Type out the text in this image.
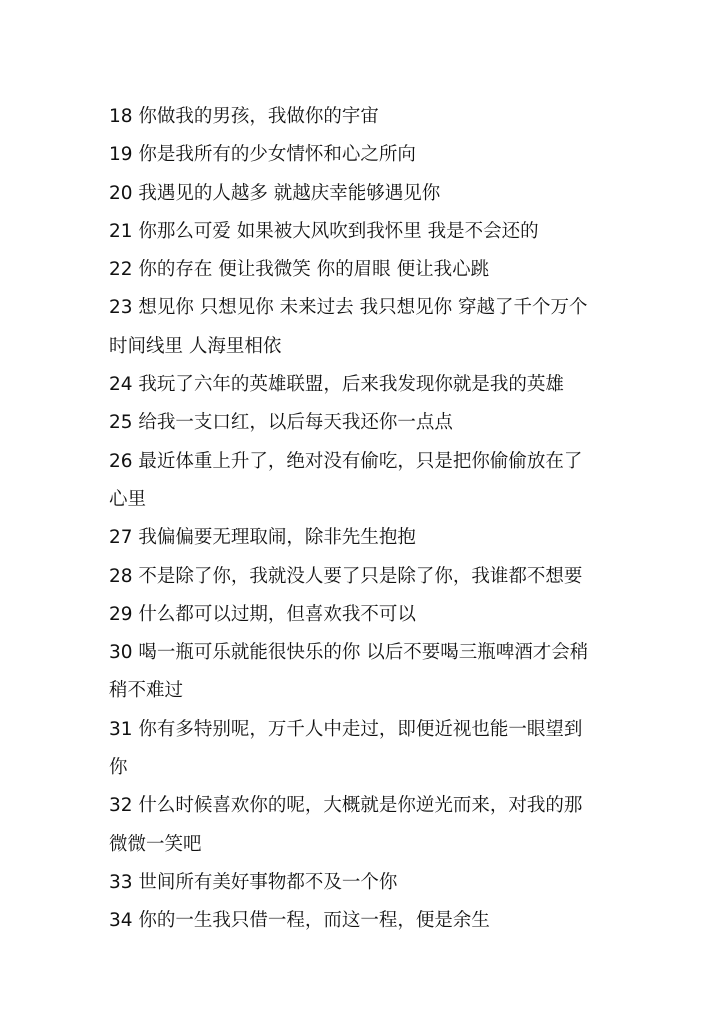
18 你做我的男孩，我做你的宇宙
19 你是我所有的少女情怀和心之所向
20 我遇见的人越多 就越庆幸能够遇见你
21 你那么可爱 如果被大风吹到我怀里 我是不会还的
22 你的存在 便让我微笑 你的眉眼 便让我心跳
23 想见你 只想见你 未来过去 我只想见你 穿越了千个万个
时间线里 人海里相依
24 我玩了六年的英雄联盟，后来我发现你就是我的英雄
25 给我一支口红，以后每天我还你一点点
26 最近体重上升了，绝对没有偷吃，只是把你偷偷放在了
心里
27 我偏偏要无理取闹，除非先生抱抱
28 不是除了你，我就没人要了只是除了你，我谁都不想要
29 什么都可以过期，但喜欢我不可以
30 喝一瓶可乐就能很快乐的你 以后不要喝三瓶啤酒才会稍
稍不难过
31 你有多特别呢，万千人中走过，即便近视也能一眼望到
你
32 什么时候喜欢你的呢，大概就是你逆光而来，对我的那
微微一笑吧
33 世间所有美好事物都不及一个你
34 你的一生我只借一程，而这一程，便是余生
